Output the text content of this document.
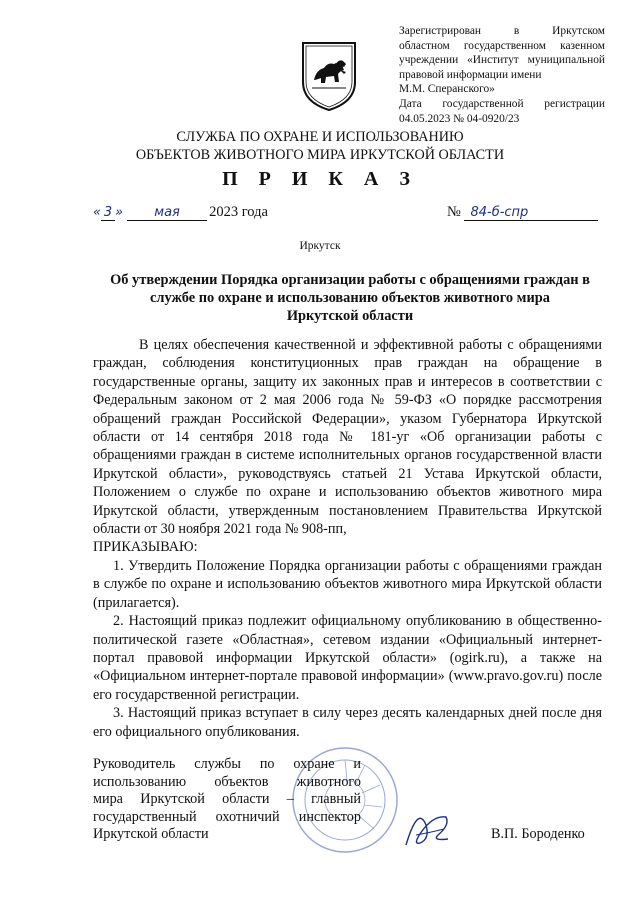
Зарегистрирован в Иркутском
областном государственном казенном
учреждении «Институт муниципальной
правовой информации имени
М.М. Сперанского»
Дата государственной регистрации
04.05.2023 № 04-0920/23
СЛУЖБА ПО ОХРАНЕ И ИСПОЛЬЗОВАНИЮ
ОБЪЕКТОВ ЖИВОТНОГО МИРА ИРКУТСКОЙ ОБЛАСТИ
П Р И К А З
« 3 » мая 2023 года	№ 84-б-спр
Иркутск
Об утверждении Порядка организации работы с обращениями граждан в
службе по охране и использованию объектов животного мира
Иркутской области

В целях обеспечения качественной и эффективной работы с обращениями граждан, соблюдения конституционных прав граждан на обращение в государственные органы, защиту их законных прав и интересов в соответствии с Федеральным законом от 2 мая 2006 года № 59-ФЗ «О порядке рассмотрения обращений граждан Российской Федерации», указом Губернатора Иркутской области от 14 сентября 2018 года № 181-уг «Об организации работы с обращениями граждан в системе исполнительных органов государственной власти Иркутской области», руководствуясь статьей 21 Устава Иркутской области, Положением о службе по охране и использованию объектов животного мира Иркутской области, утвержденным постановлением Правительства Иркутской области от 30 ноября 2021 года № 908-пп,

ПРИКАЗЫВАЮ:

1. Утвердить Положение Порядка организации работы с обращениями граждан в службе по охране и использованию объектов животного мира Иркутской области (прилагается).

2. Настоящий приказ подлежит официальному опубликованию в общественно-политической газете «Областная», сетевом издании «Официальный интернет-портал правовой информации Иркутской области» (ogirk.ru), а также на «Официальном интернет-портале правовой информации» (www.pravo.gov.ru) после его государственной регистрации.

3. Настоящий приказ вступает в силу через десять календарных дней после дня его официального опубликования.

Руководитель службы по охране и
использованию объектов животного
мира Иркутской области – главный
государственный охотничий инспектор
Иркутской области	В.П. Бороденко
